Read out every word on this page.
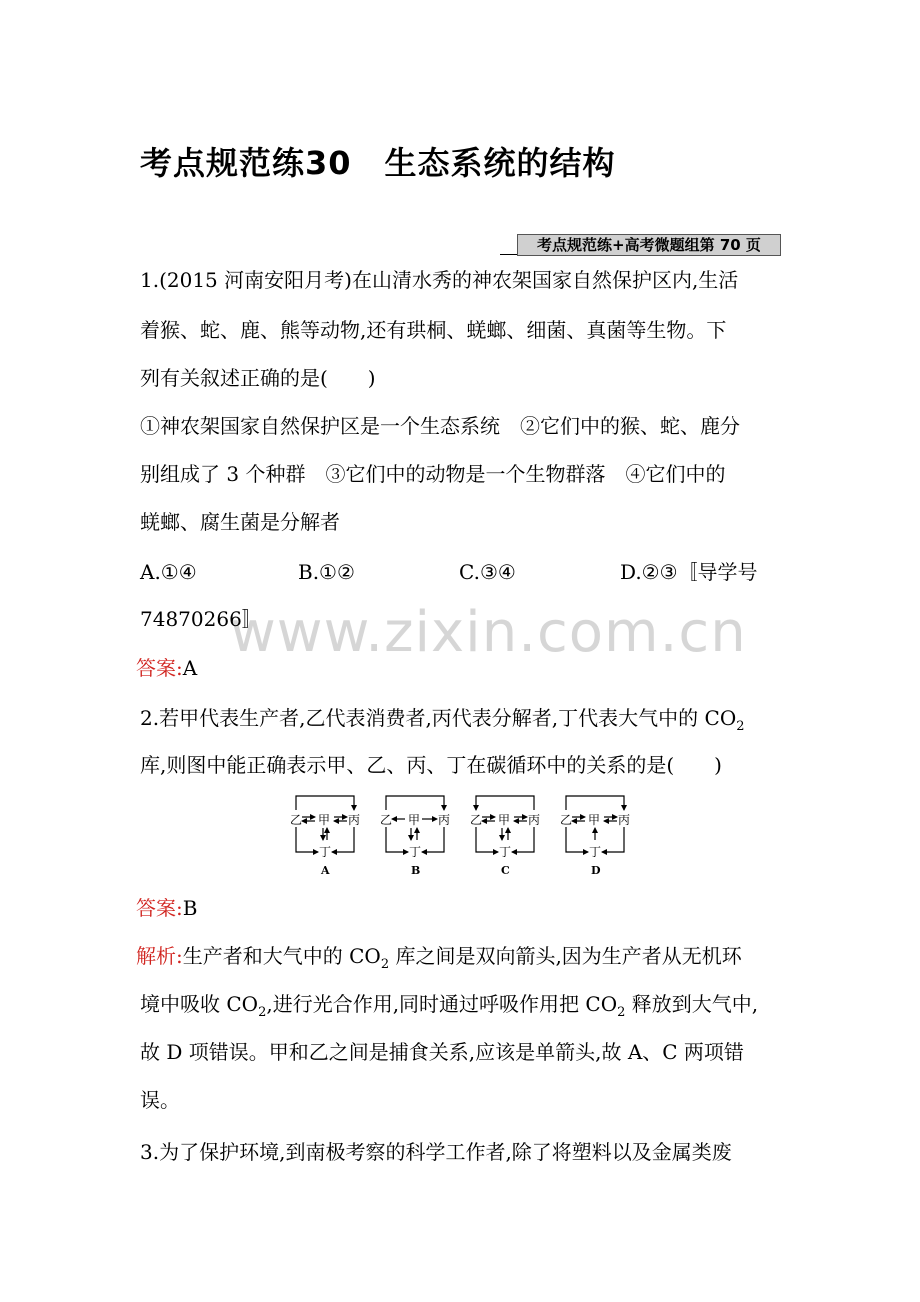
考点规范练30　生态系统的结构
考点规范练+高考微题组第 70 页
www.zixin.com.cn
1.(2015 河南安阳月考)在山清水秀的神农架国家自然保护区内,生活
着猴、蛇、鹿、熊等动物,还有珙桐、蜣螂、细菌、真菌等生物。下
列有关叙述正确的是(　　)
①神农架国家自然保护区是一个生态系统　②它们中的猴、蛇、鹿分
别组成了 3 个种群　③它们中的动物是一个生物群落　④它们中的
蜣螂、腐生菌是分解者
A.①④	B.①②	C.③④	D.②③〚导学号
74870266〛
答案:A
2.若甲代表生产者,乙代表消费者,丙代表分解者,丁代表大气中的 $CO_2$
库,则图中能正确表示甲、乙、丙、丁在碳循环中的关系的是(　　)
乙 甲 丙
丁
A
乙 甲 丙
丁
B
乙 甲 丙
丁
C
乙 甲 丙
丁
D
答案:B
解析:生产者和大气中的 $CO_2$ 库之间是双向箭头,因为生产者从无机环
境中吸收 $CO_2$,进行光合作用,同时通过呼吸作用把 $CO_2$ 释放到大气中,
故 D 项错误。甲和乙之间是捕食关系,应该是单箭头,故 A、C 两项错
误。
3.为了保护环境,到南极考察的科学工作者,除了将塑料以及金属类废
